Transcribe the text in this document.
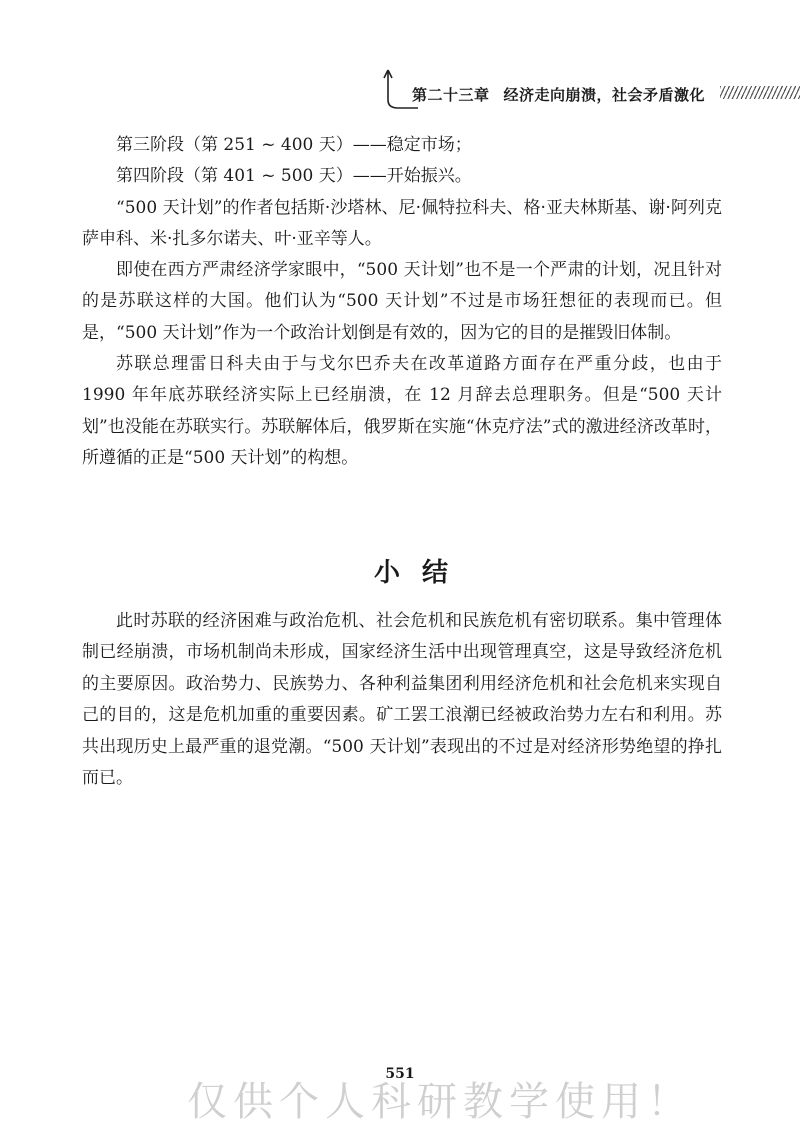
第二十三章 经济走向崩溃，社会矛盾激化

第三阶段（第 251 ~ 400 天）——稳定市场；

第四阶段（第 401 ~ 500 天）——开始振兴。

“500 天计划”的作者包括斯·沙塔林、尼·佩特拉科夫、格·亚夫林斯基、谢·阿列克萨申科、米·扎多尔诺夫、叶·亚辛等人。

即使在西方严肃经济学家眼中，“500 天计划”也不是一个严肃的计划，况且针对的是苏联这样的大国。他们认为“500 天计划”不过是市场狂想征的表现而已。但是，“500 天计划”作为一个政治计划倒是有效的，因为它的目的是摧毁旧体制。

苏联总理雷日科夫由于与戈尔巴乔夫在改革道路方面存在严重分歧，也由于 1990 年年底苏联经济实际上已经崩溃，在 12 月辞去总理职务。但是“500 天计划”也没能在苏联实行。苏联解体后，俄罗斯在实施“休克疗法”式的激进经济改革时，所遵循的正是“500 天计划”的构想。

小结

此时苏联的经济困难与政治危机、社会危机和民族危机有密切联系。集中管理体制已经崩溃，市场机制尚未形成，国家经济生活中出现管理真空，这是导致经济危机的主要原因。政治势力、民族势力、各种利益集团利用经济危机和社会危机来实现自己的目的，这是危机加重的重要因素。矿工罢工浪潮已经被政治势力左右和利用。苏共出现历史上最严重的退党潮。“500 天计划”表现出的不过是对经济形势绝望的挣扎而已。

551
仅供个人科研教学使用！
